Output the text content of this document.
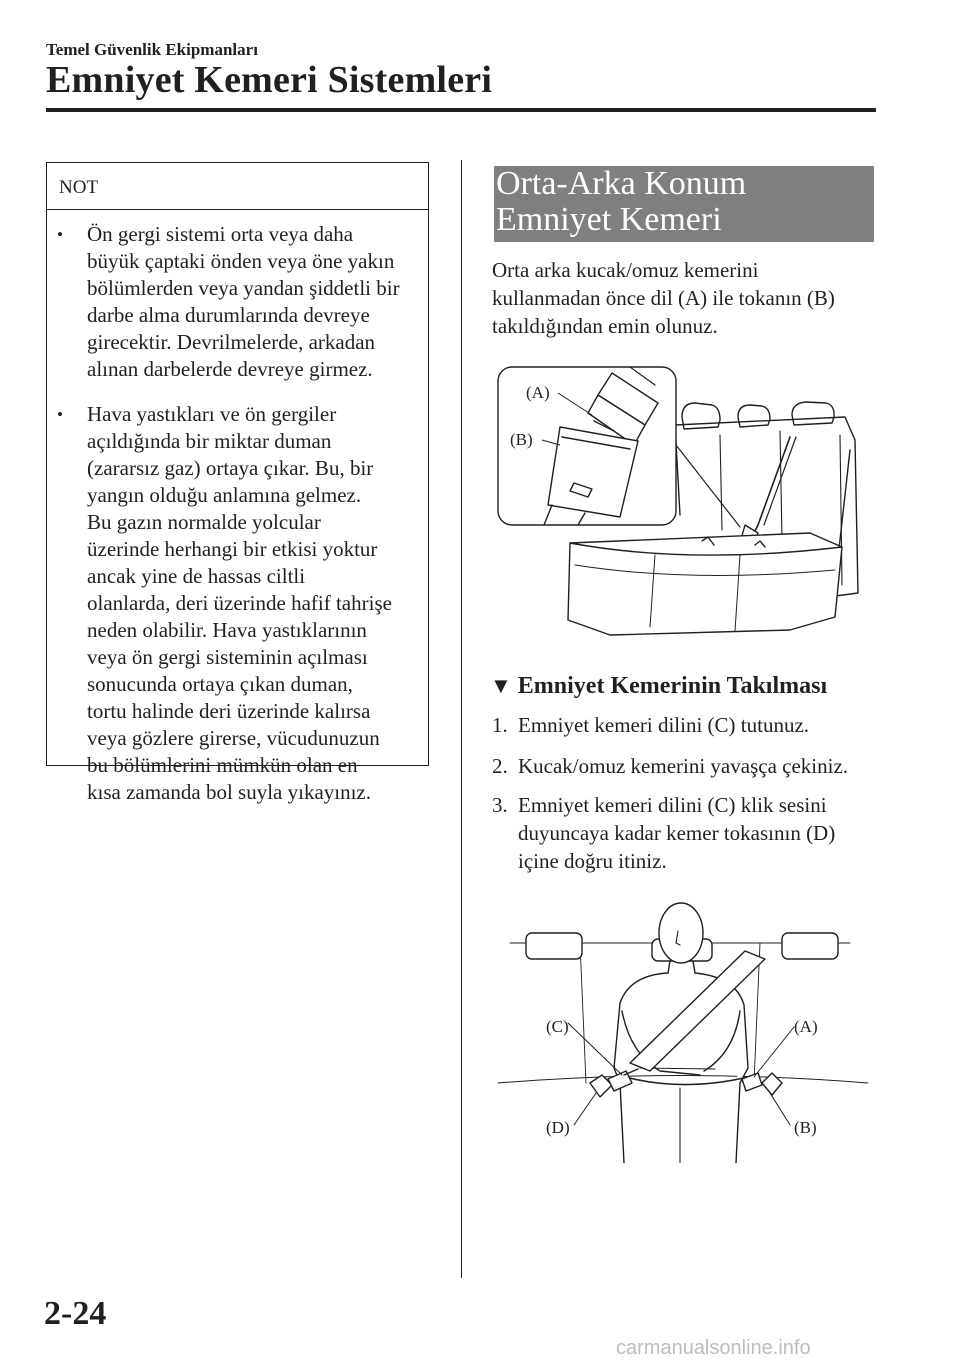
Temel Güvenlik Ekipmanları
Emniyet Kemeri Sistemleri
NOT
• Ön gergi sistemi orta veya daha
büyük çaptaki önden veya öne yakın
bölümlerden veya yandan şiddetli bir
darbe alma durumlarında devreye
girecektir. Devrilmelerde, arkadan
alınan darbelerde devreye girmez.
• Hava yastıkları ve ön gergiler
açıldığında bir miktar duman
(zararsız gaz) ortaya çıkar. Bu, bir
yangın olduğu anlamına gelmez.
Bu gazın normalde yolcular
üzerinde herhangi bir etkisi yoktur
ancak yine de hassas ciltli
olanlarda, deri üzerinde hafif tahrişe
neden olabilir. Hava yastıklarının
veya ön gergi sisteminin açılması
sonucunda ortaya çıkan duman,
tortu halinde deri üzerinde kalırsa
veya gözlere girerse, vücudunuzun
bu bölümlerini mümkün olan en
kısa zamanda bol suyla yıkayınız.
Orta-Arka Konum
Emniyet Kemeri
Orta arka kucak/omuz kemerini
kullanmadan önce dil (A) ile tokanın (B)
takıldığından emin olunuz.
(A)
(B)
▼ Emniyet Kemerinin Takılması
1. Emniyet kemeri dilini (C) tutunuz.
2. Kucak/omuz kemerini yavaşça çekiniz.
3. Emniyet kemeri dilini (C) klik sesini
duyuncaya kadar kemer tokasının (D)
içine doğru itiniz.
(C)	(A)
(D)	(B)
2-24
carmanualsonline.info
